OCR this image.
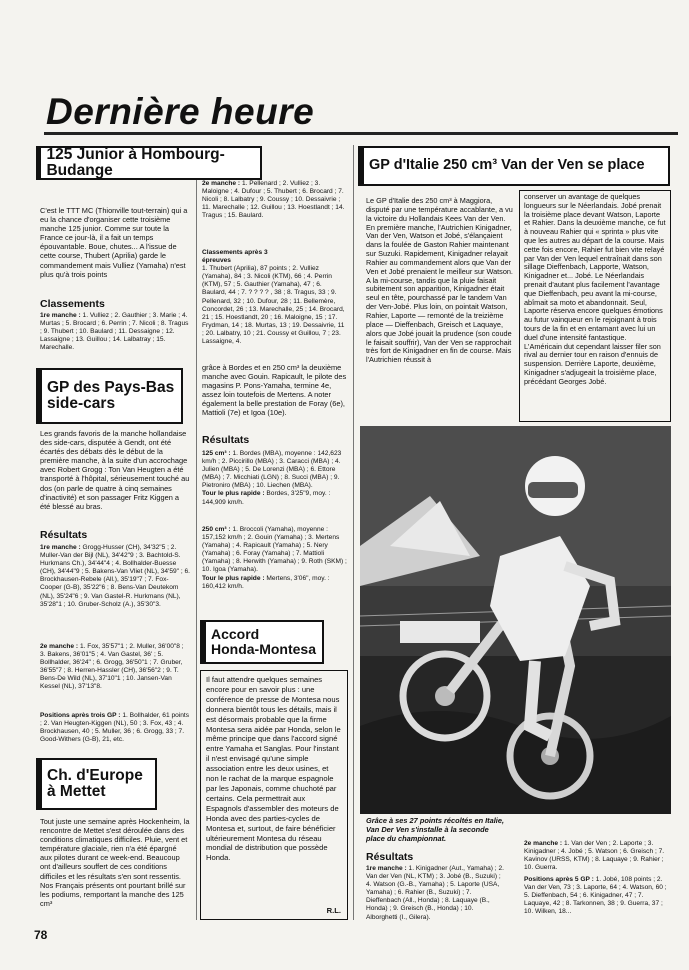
Dernière heure
125 Junior à Hombourg-Budange

C'est le TTT MC (Thionville tout-terrain) qui a eu la chance d'organiser cette troisième manche 125 junior. Comme sur toute la France ce jour-là, il a fait un temps épouvantable. Boue, chutes... A l'issue de cette course, Thubert (Aprilia) garde le commandement mais Vulliez (Yamaha) n'est plus qu'à trois points

Classements
1re manche : 1. Vulliez ; 2. Gauthier ; 3. Marie ; 4. Murtas ; 5. Brocard ; 6. Perrin ; 7. Nicoli ; 8. Tragus ; 9. Thubert ; 10. Baulard ; 11. Dessaigne ; 12. Lassaigne ; 13. Guillou ; 14. Lalbatray ; 15. Marechalle.
2e manche : 1. Pellenard ; 2. Vulliez ; 3. Maloigne ; 4. Dufour ; 5. Thubert ; 6. Brocard ; 7. Nicoli ; 8. Lalbatry ; 9. Coussy ; 10. Dessaivrie ; 11. Marechalle ; 12. Guillou ; 13. Hoestlandt ; 14. Tragus ; 15. Baulard.
Classements après 3 épreuves
1. Thubert (Aprilia), 87 points ; 2. Vulliez (Yamaha), 84 ; 3. Nicoli (KTM), 66 ; 4. Perrin (KTM), 57 ; 5. Gauthier (Yamaha), 47 ; 6. Baulard, 44 ; 7. ? ? ? ? , 38 ; 8. Tragus, 33 ; 9. Pellenard, 32 ; 10. Dufour, 28 ; 11. Bellemère, Concordet, 26 ; 13. Marechalle, 25 ; 14. Brocard, 21 ; 15. Hoestlandt, 20 ; 16. Maloigne, 15 ; 17. Frydman, 14 ; 18. Murtas, 13 ; 19. Dessaivrie, 11 ; 20. Lalbatry, 10 ; 21. Coussy et Guillou, 7 ; 23. Lassaigne, 4.
GP des Pays-Bas
side-cars

Les grands favoris de la manche hollandaise des side-cars, disputée à Gendt, ont été écartés des débats dès le début de la première manche, à la suite d'un accrochage avec Robert Grogg : Ton Van Heugten a été transporté à l'hôpital, sérieusement touché au dos (on parle de quatre à cinq semaines d'inactivité) et son passager Fritz Kiggen a été blessé au bras.

Résultats
1re manche : Grogg-Husser (CH), 34'32"5 ; 2. Muller-Van der Bijl (NL), 34'42"9 ; 3. Bachtold-S. Hurkmans Ch.), 34'44"4 ; 4. Bollhalder-Buesse (CH), 34'44"9 ; 5. Bakens-Van Vliet (NL), 34'59" ; 6. Brockhausen-Rebele (All.), 35'19"7 ; 7. Fox-Cooper (G-B), 35'22"6 ; 8. Bens-Van Deutekom (NL), 35'24"6 ; 9. Van Gastel-R. Hurkmans (NL), 35'28"1 ; 10. Gruber-Scholz (A.), 35'30"3.
2e manche : 1. Fox, 35'57"1 ; 2. Muller, 36'00"8 ; 3. Bakens, 36'01"5 ; 4. Van Gastel, 36' ; 5. Bollhalder, 36'24" ; 6. Grogg, 36'50"1 ; 7. Gruber, 36'55"7 ; 8. Herren-Hassler (CH), 36'56"2 ; 9. T. Bens-De Wild (NL), 37'10"1 ; 10. Jansen-Van Kessel (NL), 37'13"8.
Positions après trois GP : 1. Bollhalder, 61 points ; 2. Van Heugten-Kiggen (NL), 50 ; 3. Fox, 43 ; 4. Brockhausen, 40 ; 5. Muller, 36 ; 6. Grogg, 33 ; 7. Good-Withers (G-B), 21, etc.
Ch. d'Europe
à Mettet

Tout juste une semaine après Hockenheim, la rencontre de Mettet s'est déroulée dans des conditions climatiques difficiles. Pluie, vent et température glaciale, rien n'a été épargné aux pilotes durant ce week-end. Beaucoup ont d'ailleurs souffert de ces conditions difficiles et les résultats s'en sont ressentis. Nos Français présents ont pourtant brillé sur les podiums, remportant la manche des 125 cm³

grâce à Bordes et en 250 cm³ la deuxième manche avec Gouin. Rapicault, le pilote des magasins P. Pons-Yamaha, termine 4e, assez loin toutefois de Mertens. A noter également la belle prestation de Foray (6e), Mattioli (7e) et Igoa (10e).

Résultats
125 cm³ : 1. Bordes (MBA), moyenne : 142,623 km/h ; 2. Piccirillo (MBA) ; 3. Caracci (MBA) ; 4. Julien (MBA) ; 5. De Lorenzi (MBA) ; 6. Ettore (MBA) ; 7. Micchiati (LGN) ; 8. Succi (MBA) ; 9. Pietroniro (MBA) ; 10. Liechen (MBA).
Tour le plus rapide : Bordes, 3'25"9, moy. : 144,909 km/h.
250 cm³ : 1. Broccoli (Yamaha), moyenne : 157,152 km/h ; 2. Gouin (Yamaha) ; 3. Mertens (Yamaha) ; 4. Rapicault (Yamaha) ; 5. Nery (Yamaha) ; 6. Foray (Yamaha) ; 7. Mattioli (Yamaha) ; 8. Herwith (Yamaha) ; 9. Roth (SKM) ; 10. Igoa (Yamaha).
Tour le plus rapide : Mertens, 3'06", moy. : 160,412 km/h.
Accord
Honda-Montesa

Il faut attendre quelques semaines encore pour en savoir plus : une conférence de presse de Montesa nous donnera bientôt tous les détails, mais il est désormais probable que la firme Montesa sera aidée par Honda, selon le même principe que dans l'accord signé entre Yamaha et Sanglas. Pour l'instant il n'est envisagé qu'une simple association entre les deux usines, et non le rachat de la marque espagnole par les Japonais, comme chuchoté par certains. Cela permettrait aux Espagnols d'assembler des moteurs de Honda avec des parties-cycles de Montesa et, surtout, de faire bénéficier ultérieurement Montesa du réseau mondial de distribution que possède Honda.

R.L.
GP d'Italie 250 cm³ Van der Ven se place

Le GP d'Italie des 250 cm³ à Maggiora, disputé par une température accablante, a vu la victoire du Hollandais Kees Van der Ven. En première manche, l'Autrichien Kinigadner, Van der Ven, Watson et Jobé, s'élançaient dans la foulée de Gaston Rahier maintenant sur Suzuki. Rapidement, Kinigadner relayait Rahier au commandement alors que Van der Ven et Jobé prenaient le meilleur sur Watson. A la mi-course, tandis que la pluie faisait subitement son apparition, Kinigadner était seul en tête, pourchassé par le tandem Van der Ven-Jobé. Plus loin, on pointait Watson, Rahier, Laporte — remonté de la treizième place — Dieffenbach, Greisch et Laquaye, alors que Jobé jouait la prudence (son coude le faisait souffrir), Van der Ven se rapprochait très fort de Kinigadner en fin de course. Mais l'Autrichien réussit à

conserver un avantage de quelques longueurs sur le Néerlandais. Jobé prenait la troisième place devant Watson, Laporte et Rahier. Dans la deuxième manche, ce fut à nouveau Rahier qui « sprinta » plus vite que les autres au départ de la course. Mais cette fois encore, Rahier fut bien vite relayé par Van der Ven lequel entraînait dans son sillage Dieffenbach, Lapporte, Watson, Kinigadner et... Jobé. Le Néerlandais prenait d'autant plus facilement l'avantage que Dieffenbach, peu avant la mi-course, abîmait sa moto et abandonnait. Seul, Laporte réserva encore quelques émotions au futur vainqueur en le rejoignant à trois tours de la fin et en entamant avec lui un duel d'une intensité fantastique. L'Américain dut cependant laisser filer son rival au dernier tour en raison d'ennuis de suspension. Derrière Laporte, deuxième, Kinigadner s'adjugeait la troisième place, précédant Georges Jobé.

Grâce à ses 27 points récoltés en Italie, Van Der Ven s'installe à la seconde place du championnat.

Résultats
1re manche : 1. Kinigadner (Aut., Yamaha) ; 2. Van der Ven (NL, KTM) ; 3. Jobé (B., Suzuki) ; 4. Watson (G.-B., Yamaha) ; 5. Laporte (USA, Yamaha) ; 6. Rahier (B., Suzuki) ; 7. Dieffenbach (All., Honda) ; 8. Laquaye (B., Honda) ; 9. Greisch (B., Honda) ; 10. Alborghetti (I., Gilera).
2e manche : 1. Van der Ven ; 2. Laporte ; 3. Kinigadner ; 4. Jobé ; 5. Watson ; 6. Greisch ; 7. Kavinov (URSS, KTM) ; 8. Laquaye ; 9. Rahier ; 10. Guerra.
Positions après 5 GP : 1. Jobé, 108 points ; 2. Van der Ven, 73 ; 3. Laporte, 64 ; 4. Watson, 60 ; 5. Dieffenbach, 54 ; 6. Kinigadner, 47 ; 7. Laquaye, 42 ; 8. Tarkonnen, 38 ; 9. Guerra, 37 ; 10. Wilken, 18...
78
